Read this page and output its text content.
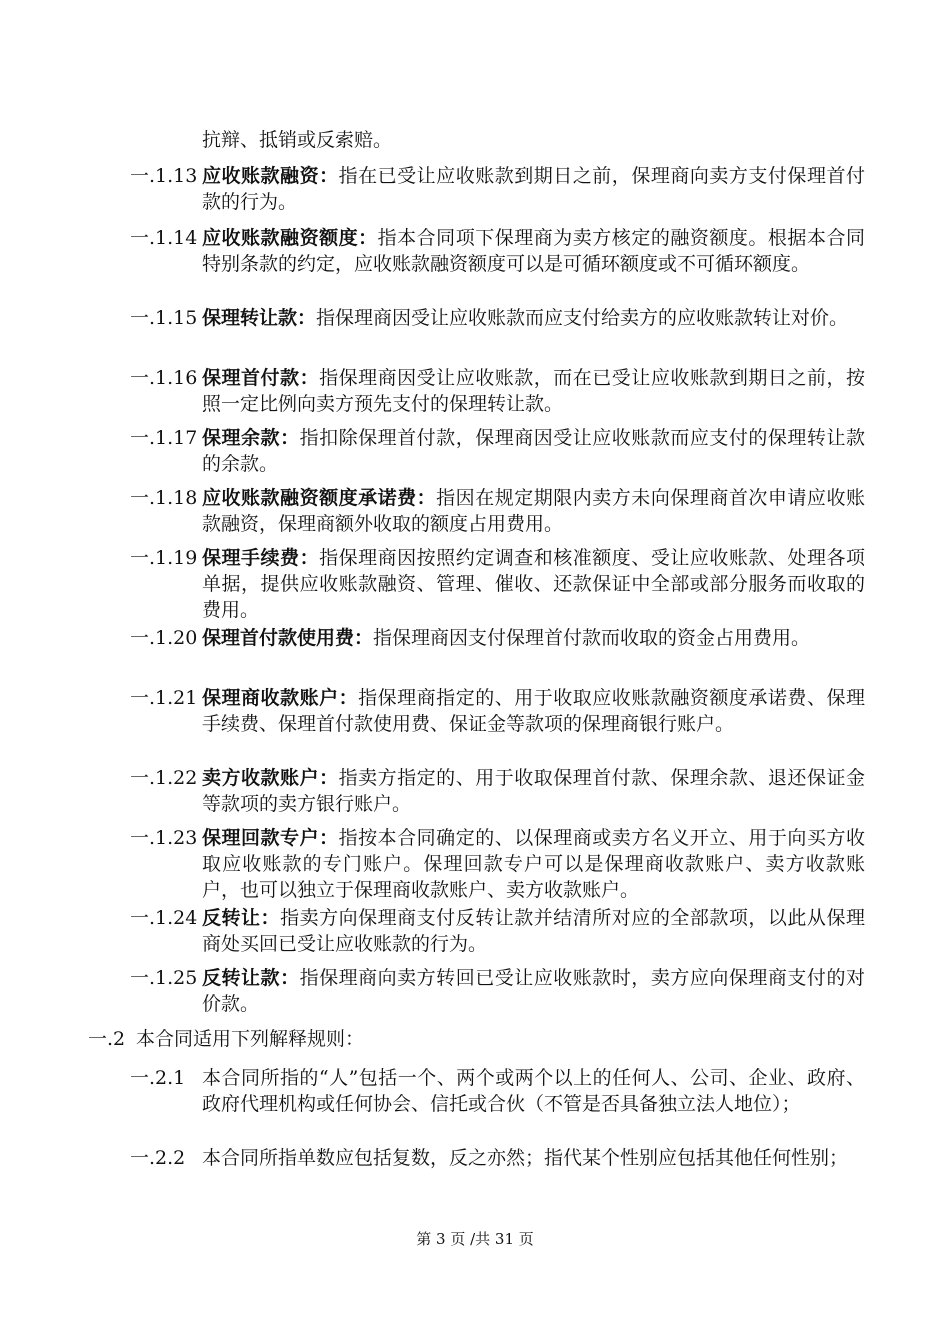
抗辩、抵销或反索赔。
一.1.13 应收账款融资：指在已受让应收账款到期日之前，保理商向卖方支付保理首付款的行为。
一.1.14 应收账款融资额度：指本合同项下保理商为卖方核定的融资额度。根据本合同特别条款的约定，应收账款融资额度可以是可循环额度或不可循环额度。
一.1.15 保理转让款：指保理商因受让应收账款而应支付给卖方的应收账款转让对价。
一.1.16 保理首付款：指保理商因受让应收账款，而在已受让应收账款到期日之前，按照一定比例向卖方预先支付的保理转让款。
一.1.17 保理余款：指扣除保理首付款，保理商因受让应收账款而应支付的保理转让款的余款。
一.1.18 应收账款融资额度承诺费：指因在规定期限内卖方未向保理商首次申请应收账款融资，保理商额外收取的额度占用费用。
一.1.19 保理手续费：指保理商因按照约定调查和核准额度、受让应收账款、处理各项单据，提供应收账款融资、管理、催收、还款保证中全部或部分服务而收取的费用。
一.1.20 保理首付款使用费：指保理商因支付保理首付款而收取的资金占用费用。
一.1.21 保理商收款账户：指保理商指定的、用于收取应收账款融资额度承诺费、保理手续费、保理首付款使用费、保证金等款项的保理商银行账户。
一.1.22 卖方收款账户：指卖方指定的、用于收取保理首付款、保理余款、退还保证金等款项的卖方银行账户。
一.1.23 保理回款专户：指按本合同确定的、以保理商或卖方名义开立、用于向买方收取应收账款的专门账户。保理回款专户可以是保理商收款账户、卖方收款账户，也可以独立于保理商收款账户、卖方收款账户。
一.1.24 反转让：指卖方向保理商支付反转让款并结清所对应的全部款项，以此从保理商处买回已受让应收账款的行为。
一.1.25 反转让款：指保理商向卖方转回已受让应收账款时，卖方应向保理商支付的对价款。
一.2 本合同适用下列解释规则：
一.2.1 本合同所指的“人”包括一个、两个或两个以上的任何人、公司、企业、政府、政府代理机构或任何协会、信托或合伙（不管是否具备独立法人地位）；
一.2.2 本合同所指单数应包括复数，反之亦然；指代某个性别应包括其他任何性别；
第 3 页 /共 31 页
